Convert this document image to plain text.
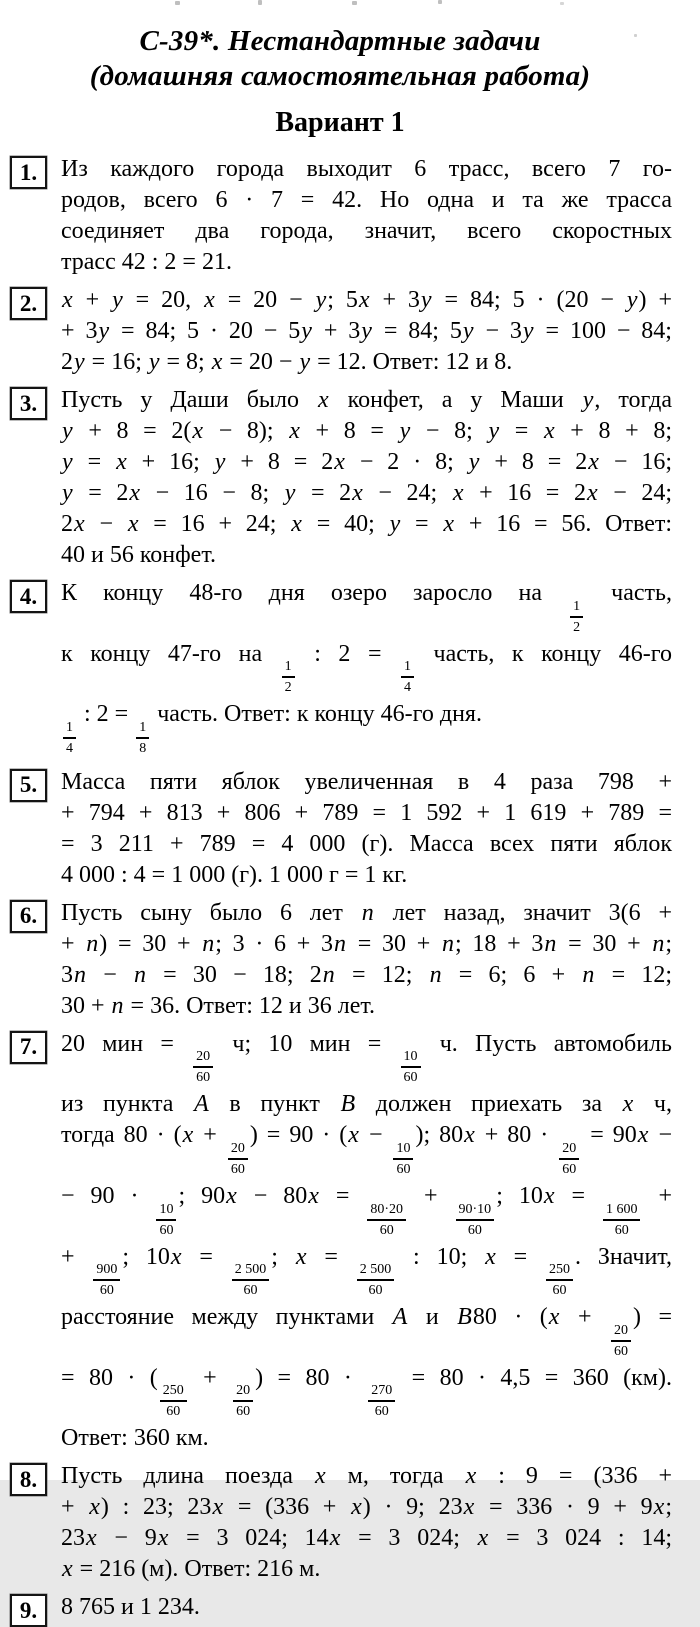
С-39*. Нестандартные задачи
(домашняя самостоятельная работа)
Вариант 1
1. Из каждого города выходит 6 трасс, всего 7 го-
родов, всего 6 · 7 = 42. Но одна и та же трасса
соединяет два города, значит, всего скоростных
трасс 42 : 2 = 21.
2. x + y = 20, x = 20 − y; 5x + 3y = 84; 5 · (20 − y) +
+ 3y = 84; 5 · 20 − 5y + 3y = 84; 5y − 3y = 100 − 84;
2y = 16; y = 8; x = 20 − y = 12. Ответ: 12 и 8.
3. Пусть у Даши было x конфет, а у Маши y, тогда
y + 8 = 2(x − 8); x + 8 = y − 8; y = x + 8 + 8;
y = x + 16; y + 8 = 2x − 2 · 8; y + 8 = 2x − 16;
y = 2x − 16 − 8; y = 2x − 24; x + 16 = 2x − 24;
2x − x = 16 + 24; x = 40; y = x + 16 = 56. Ответ:
40 и 56 конфет.
4. К концу 48-го дня озеро заросло на
$\frac{1}{2}$
часть,
к концу 47-го на
$\frac{1}{2}$
: 2 =
$\frac{1}{4}$
часть, к концу 46-го
$\frac{1}{4}$
: 2 =
$\frac{1}{8}$
часть. Ответ: к концу 46-го дня.
5. Масса пяти яблок увеличенная в 4 раза 798 +
+ 794 + 813 + 806 + 789 = 1 592 + 1 619 + 789 =
= 3 211 + 789 = 4 000 (г). Масса всех пяти яблок
4 000 : 4 = 1 000 (г). 1 000 г = 1 кг.
6. Пусть сыну было 6 лет n лет назад, значит 3(6 +
+ n) = 30 + n; 3 · 6 + 3n = 30 + n; 18 + 3n = 30 + n;
3n − n = 30 − 18; 2n = 12; n = 6; 6 + n = 12;
30 + n = 36. Ответ: 12 и 36 лет.
7. 20 мин =
$\frac{20}{60}$
ч; 10 мин =
$\frac{10}{60}$
ч. Пусть автомобиль
из пункта A в пункт B должен приехать за x ч,
тогда 80 · (x +
$\frac{20}{60}$
) = 90 · (x −
$\frac{10}{60}$
); 80x + 80 ·
$\frac{20}{60}$
= 90x −
− 90 ·
$\frac{10}{60}$
; 90x − 80x =
$\frac{80\cdot 20}{60}$
+
$\frac{90\cdot 10}{60}$
; 10x =
$\frac{1 600}{60}$
+
+
$\frac{900}{60}$
; 10x =
$\frac{2 500}{60}$
; x =
$\frac{2 500}{60}$
: 10; x =
$\frac{250}{60}$
. Значит,
расстояние между пунктами A и B80 · (x +
$\frac{20}{60}$
) =
= 80 · (
$\frac{250}{60}$
+
$\frac{20}{60}$
) = 80 ·
$\frac{270}{60}$
= 80 · 4,5 = 360 (км).
Ответ: 360 км.
8. Пусть длина поезда x м, тогда x : 9 = (336 +
+ x) : 23; 23x = (336 + x) · 9; 23x = 336 · 9 + 9x;
23x − 9x = 3 024; 14x = 3 024; x = 3 024 : 14;
x = 216 (м). Ответ: 216 м.
9. 8 765 и 1 234.
